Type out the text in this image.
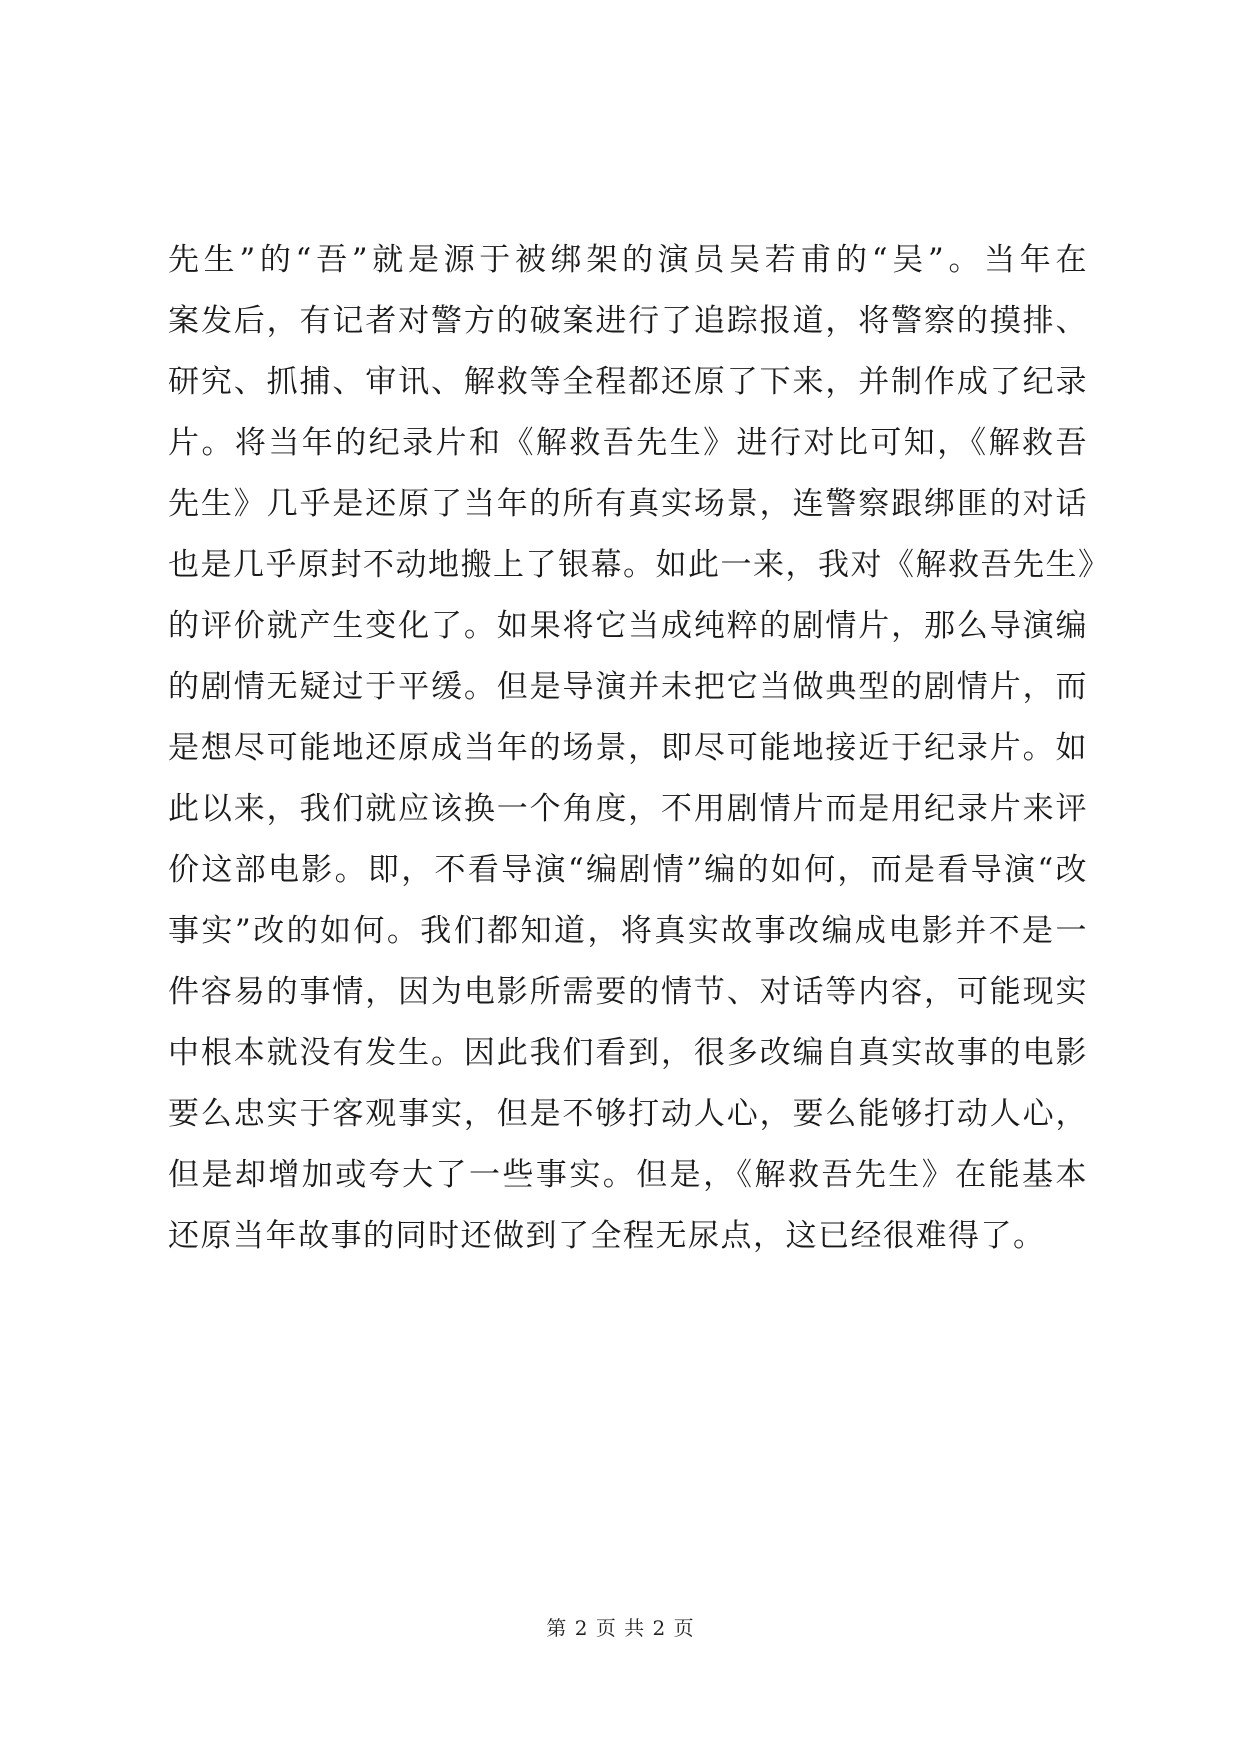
先生”的“吾”就是源于被绑架的演员吴若甫的“吴”。当年在
案发后，有记者对警方的破案进行了追踪报道，将警察的摸排、
研究、抓捕、审讯、解救等全程都还原了下来，并制作成了纪录
片。将当年的纪录片和《解救吾先生》进行对比可知，《解救吾
先生》几乎是还原了当年的所有真实场景，连警察跟绑匪的对话
也是几乎原封不动地搬上了银幕。如此一来，我对《解救吾先生》
的评价就产生变化了。如果将它当成纯粹的剧情片，那么导演编
的剧情无疑过于平缓。但是导演并未把它当做典型的剧情片，而
是想尽可能地还原成当年的场景，即尽可能地接近于纪录片。如
此以来，我们就应该换一个角度，不用剧情片而是用纪录片来评
价这部电影。即，不看导演“编剧情”编的如何，而是看导演“改
事实”改的如何。我们都知道，将真实故事改编成电影并不是一
件容易的事情，因为电影所需要的情节、对话等内容，可能现实
中根本就没有发生。因此我们看到，很多改编自真实故事的电影
要么忠实于客观事实，但是不够打动人心，要么能够打动人心，
但是却增加或夸大了一些事实。但是，《解救吾先生》在能基本
还原当年故事的同时还做到了全程无尿点，这已经很难得了。
第 2 页 共 2 页
